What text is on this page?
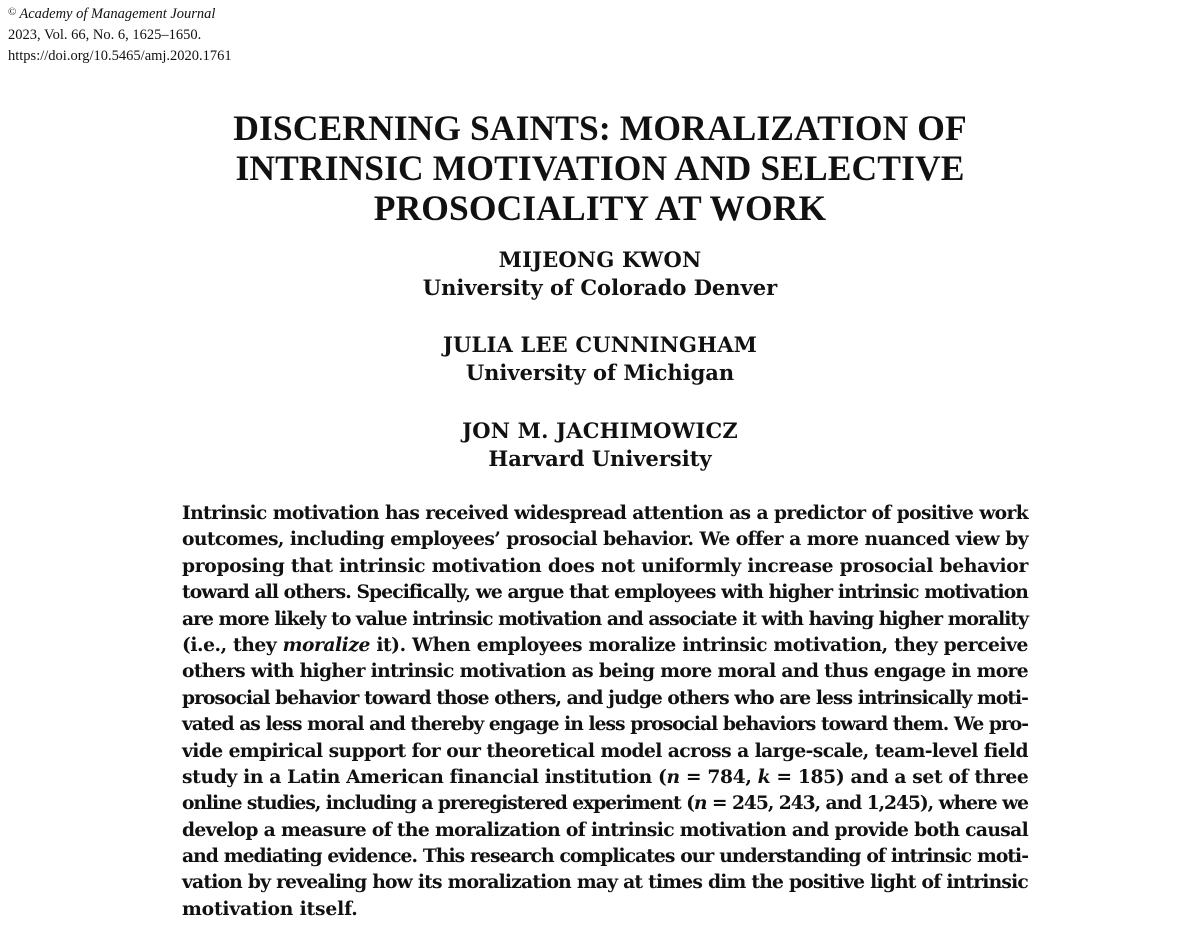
© Academy of Management Journal
2023, Vol. 66, No. 6, 1625–1650.
https://doi.org/10.5465/amj.2020.1761
DISCERNING SAINTS: MORALIZATION OF
INTRINSIC MOTIVATION AND SELECTIVE
PROSOCIALITY AT WORK
MIJEONG KWON
University of Colorado Denver
JULIA LEE CUNNINGHAM
University of Michigan
JON M. JACHIMOWICZ
Harvard University
Intrinsic motivation has received widespread attention as a predictor of positive work
outcomes, including employees’ prosocial behavior. We offer a more nuanced view by
proposing that intrinsic motivation does not uniformly increase prosocial behavior
toward all others. Specifically, we argue that employees with higher intrinsic motivation
are more likely to value intrinsic motivation and associate it with having higher morality
(i.e., they moralize it). When employees moralize intrinsic motivation, they perceive
others with higher intrinsic motivation as being more moral and thus engage in more
prosocial behavior toward those others, and judge others who are less intrinsically moti-
vated as less moral and thereby engage in less prosocial behaviors toward them. We pro-
vide empirical support for our theoretical model across a large-scale, team-level field
study in a Latin American financial institution (n = 784, k = 185) and a set of three
online studies, including a preregistered experiment (n = 245, 243, and 1,245), where we
develop a measure of the moralization of intrinsic motivation and provide both causal
and mediating evidence. This research complicates our understanding of intrinsic moti-
vation by revealing how its moralization may at times dim the positive light of intrinsic
motivation itself.
